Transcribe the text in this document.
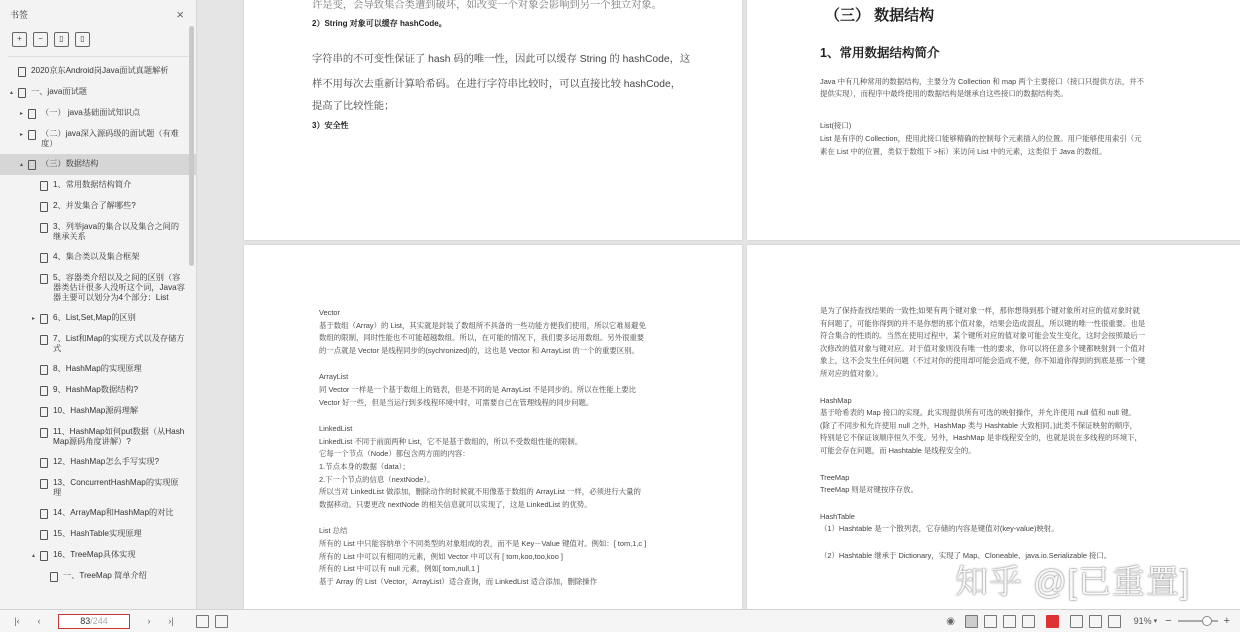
书签	×
+	−	▯	▯
2020京东Android岗Java面试真题解析
▴	一、java面试题
▸	（一） java基础面试知识点
▸	（二）java深入源码级的面试题（有难度）
▴	（三）数据结构
1、常用数据结构简介
2、并发集合了解哪些?
3、列举java的集合以及集合之间的继承关系
4、集合类以及集合框架
5、容器类介绍以及之间的区别（容器类估计很多人没听这个词，Java容器主要可以划分为4个部分：List
▸	6、List,Set,Map的区别
7、List和Map的实现方式以及存储方式
8、HashMap的实现原理
9、HashMap数据结构?
10、HashMap源码理解
11、HashMap如何put数据（从HashMap源码角度讲解）?
12、HashMap怎么手写实现?
13、ConcurrentHashMap的实现原理
14、ArrayMap和HashMap的对比
15、HashTable实现原理
▴	16、TreeMap具体实现
一、TreeMap 简单介绍
许是变，会导致集合类遭到破坏，如改变一个对象会影响到另一个独立对象。
2）String 对象可以缓存 hashCode。
字符串的不可变性保证了 hash 码的唯一性，因此可以缓存 String 的 hashCode，这
样不用每次去重新计算哈希码。在进行字符串比较时，可以直接比较 hashCode，
提高了比较性能；
3）安全性
（三） 数据结构
1、常用数据结构简介
Java 中有几种常用的数据结构，主要分为 Collection 和 map 两个主要接口（接口只提供方法，并不
提供实现），而程序中最终使用的数据结构是继承自这些接口的数据结构类。
List(接口)
List 是有序的 Collection，使用此接口能够精确的控制每个元素插入的位置。用户能够使用索引（元
素在 List 中的位置，类似于数组下 >标）来访问 List 中的元素，这类似于 Java 的数组。
Vector
基于数组（Array）的 List，其实就是封装了数组所不具备的一些功能方便我们使用，所以它难易避免
数组的限制，同时性能也不可能超越数组。所以，在可能的情况下，我们要多运用数组。另外很重要
的一点就是 Vector 是线程同步的(sychronized)的，这也是 Vector 和 ArrayList 的一个的重要区别。
ArrayList
同 Vector 一样是一个基于数组上的链表，但是不同的是 ArrayList 不是同步的。所以在性能上要比
Vector 好一些，但是当运行到多线程环境中时，可需要自己在管理线程的同步问题。
LinkedList
LinkedList 不同于前面两种 List，它不是基于数组的，所以不受数组性能的限制。
它每一个节点（Node）都包含两方面的内容：
1.节点本身的数据（data）；
2.下一个节点的信息（nextNode）。
所以当对 LinkedList 做添加，删除动作的时候就不用像基于数组的 ArrayList 一样，必须进行大量的
数据移动。只要更改 nextNode 的相关信息就可以实现了，这是 LinkedList 的优势。
List 总结
所有的 List 中只能容纳单个不同类型的对象组成的表，而不是 Key－Value 键值对。例如：[ tom,1,c ]
所有的 List 中可以有相同的元素，例如 Vector 中可以有 [ tom,koo,too,koo ]
所有的 List 中可以有 null 元素，例如[ tom,null,1 ]
基于 Array 的 List（Vector，ArrayList）适合查询，而 LinkedList 适合添加，删除操作
是为了保持查找结果的一致性;如果有两个键对象一样，那你想得到那个键对象所对应的值对象时就
有问题了，可能你得到的并不是你想的那个值对象，结果会造成混乱，所以键的唯一性很重要。也是
符合集合的性质的。当然在使用过程中，某个键所对应的值对象可能会发生变化，这时会按照最后一
次修改的值对象与键对应。对于值对象则没有唯一性的要求，你可以将任意多个键都映射到一个值对
象上，这不会发生任何问题（不过对你的使用却可能会造成不便，你不知道你得到的到底是那一个键
所对应的值对象）。
HashMap
基于哈希表的 Map 接口的实现。此实现提供所有可选的映射操作，并允许使用 null 值和 null 键。
(除了不同步和允许使用 null 之外，HashMap 类与 Hashtable 大致相同。)此类不保证映射的顺序，
特别是它不保证该顺序恒久不变。另外，HashMap 是非线程安全的，也就是说在多线程的环境下，
可能会存在问题，而 Hashtable 是线程安全的。
TreeMap
TreeMap 则是对键按序存放。
HashTable
（1）Hashtable 是一个散列表，它存储的内容是键值对(key-value)映射。
（2）Hashtable 继承于 Dictionary，实现了 Map、Cloneable、java.io.Serializable 接口。
知乎 @[已重置]
|‹	‹	83 /244	›	›|	◉	91% ▾ −	+
